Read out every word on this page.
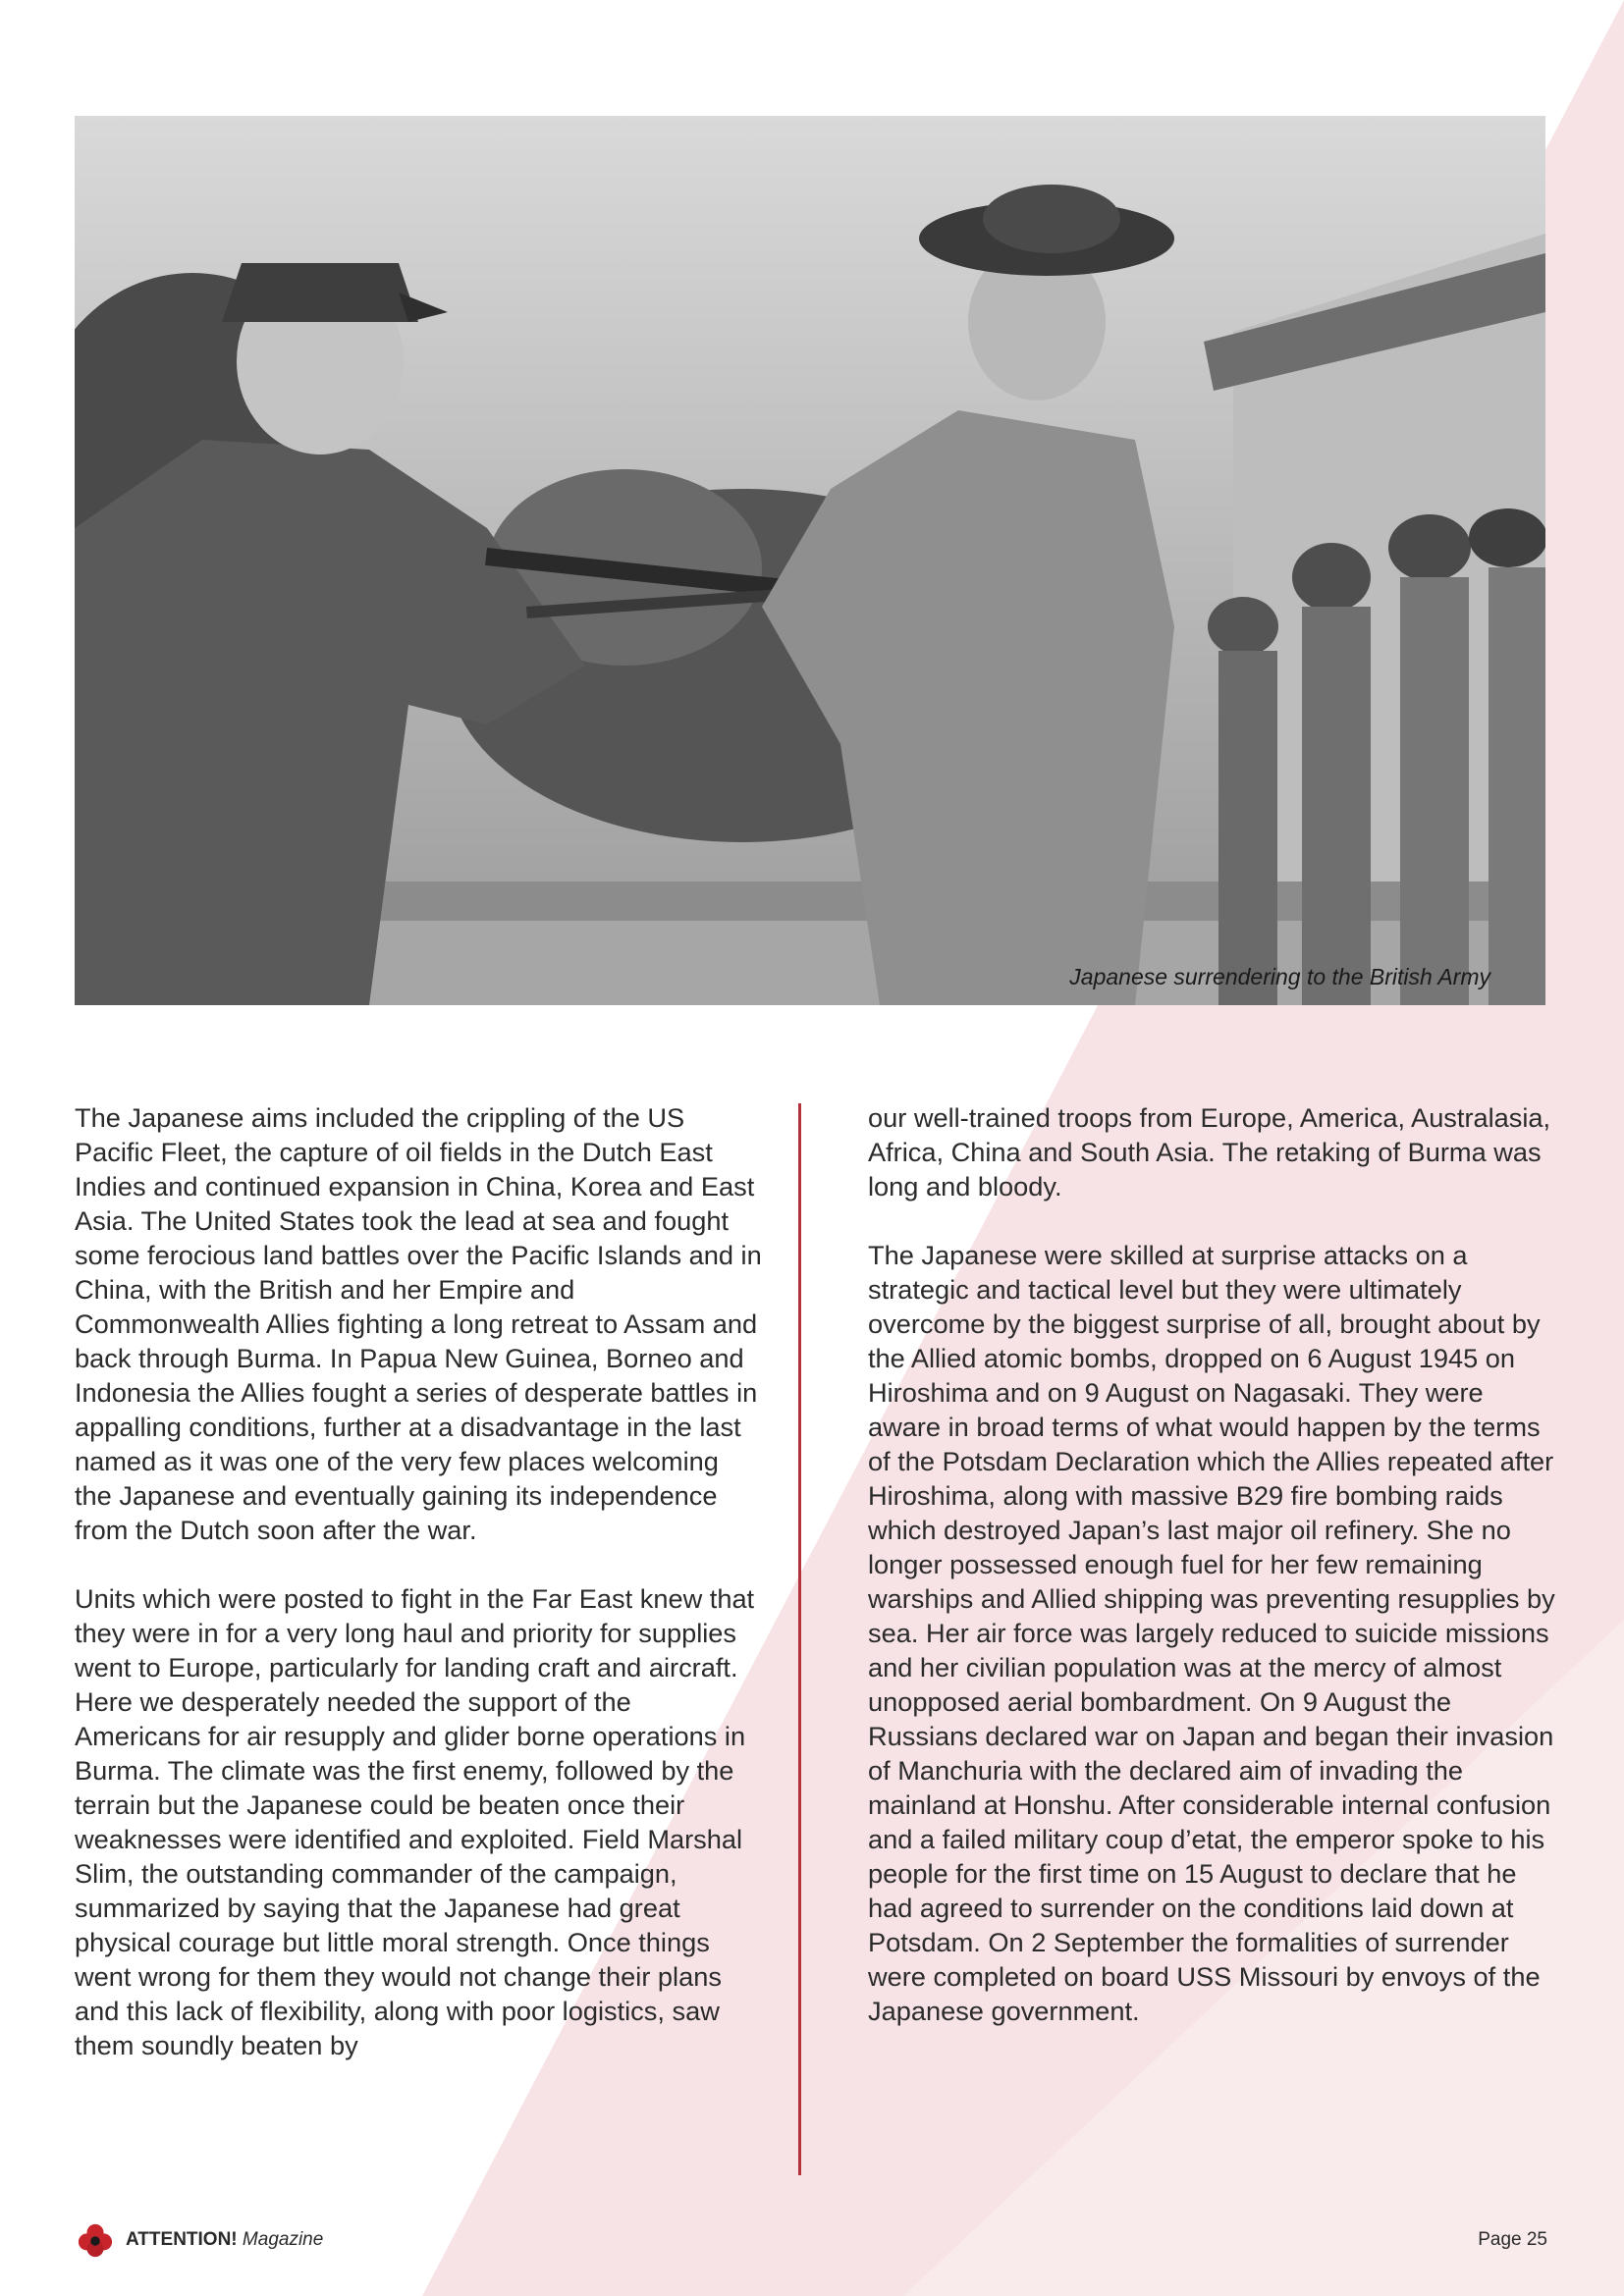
Japanese surrendering to the British Army

The Japanese aims included the crippling of the US Pacific Fleet, the capture of oil fields in the Dutch East Indies and continued expansion in China, Korea and East Asia. The United States took the lead at sea and fought some ferocious land battles over the Pacific Islands and in China, with the British and her Empire and Commonwealth Allies fighting a long retreat to Assam and back through Burma. In Papua New Guinea, Borneo and Indonesia the Allies fought a series of desperate battles in appalling conditions, further at a disadvantage in the last named as it was one of the very few places welcoming the Japanese and eventually gaining its independence from the Dutch soon after the war.

Units which were posted to fight in the Far East knew that they were in for a very long haul and priority for supplies went to Europe, particularly for landing craft and aircraft. Here we desperately needed the support of the Americans for air resupply and glider borne operations in Burma. The climate was the first enemy, followed by the terrain but the Japanese could be beaten once their weaknesses were identified and exploited. Field Marshal Slim, the outstanding commander of the campaign, summarized by saying that the Japanese had great physical courage but little moral strength. Once things went wrong for them they would not change their plans and this lack of flexibility, along with poor logistics, saw them soundly beaten by

our well-trained troops from Europe, America, Australasia, Africa, China and South Asia. The retaking of Burma was long and bloody.

The Japanese were skilled at surprise attacks on a strategic and tactical level but they were ultimately overcome by the biggest surprise of all, brought about by the Allied atomic bombs, dropped on 6 August 1945 on Hiroshima and on 9 August on Nagasaki. They were aware in broad terms of what would happen by the terms of the Potsdam Declaration which the Allies repeated after Hiroshima, along with massive B29 fire bombing raids which destroyed Japan’s last major oil refinery. She no longer possessed enough fuel for her few remaining warships and Allied shipping was preventing resupplies by sea. Her air force was largely reduced to suicide missions and her civilian population was at the mercy of almost unopposed aerial bombardment. On 9 August the Russians declared war on Japan and began their invasion of Manchuria with the declared aim of invading the mainland at Honshu. After considerable internal confusion and a failed military coup d’etat, the emperor spoke to his people for the first time on 15 August to declare that he had agreed to surrender on the conditions laid down at Potsdam. On 2 September the formalities of surrender were completed on board USS Missouri by envoys of the Japanese government.

ATTENTION! Magazine	Page 25
